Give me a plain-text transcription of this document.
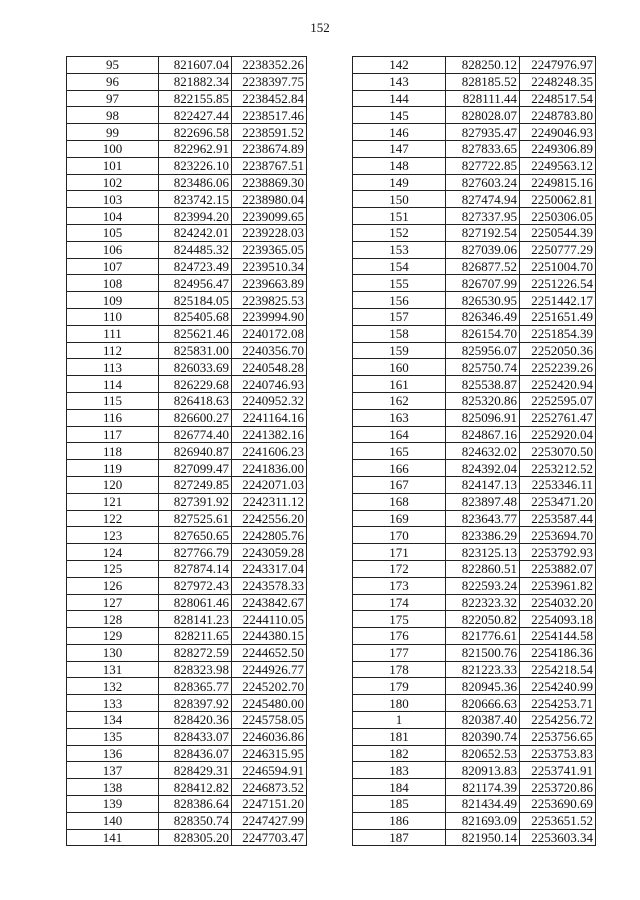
152
95	821607.04	2238352.26
96	821882.34	2238397.75
97	822155.85	2238452.84
98	822427.44	2238517.46
99	822696.58	2238591.52
100	822962.91	2238674.89
101	823226.10	2238767.51
102	823486.06	2238869.30
103	823742.15	2238980.04
104	823994.20	2239099.65
105	824242.01	2239228.03
106	824485.32	2239365.05
107	824723.49	2239510.34
108	824956.47	2239663.89
109	825184.05	2239825.53
110	825405.68	2239994.90
111	825621.46	2240172.08
112	825831.00	2240356.70
113	826033.69	2240548.28
114	826229.68	2240746.93
115	826418.63	2240952.32
116	826600.27	2241164.16
117	826774.40	2241382.16
118	826940.87	2241606.23
119	827099.47	2241836.00
120	827249.85	2242071.03
121	827391.92	2242311.12
122	827525.61	2242556.20
123	827650.65	2242805.76
124	827766.79	2243059.28
125	827874.14	2243317.04
126	827972.43	2243578.33
127	828061.46	2243842.67
128	828141.23	2244110.05
129	828211.65	2244380.15
130	828272.59	2244652.50
131	828323.98	2244926.77
132	828365.77	2245202.70
133	828397.92	2245480.00
134	828420.36	2245758.05
135	828433.07	2246036.86
136	828436.07	2246315.95
137	828429.31	2246594.91
138	828412.82	2246873.52
139	828386.64	2247151.20
140	828350.74	2247427.99
141	828305.20	2247703.47
142	828250.12	2247976.97
143	828185.52	2248248.35
144	828111.44	2248517.54
145	828028.07	2248783.80
146	827935.47	2249046.93
147	827833.65	2249306.89
148	827722.85	2249563.12
149	827603.24	2249815.16
150	827474.94	2250062.81
151	827337.95	2250306.05
152	827192.54	2250544.39
153	827039.06	2250777.29
154	826877.52	2251004.70
155	826707.99	2251226.54
156	826530.95	2251442.17
157	826346.49	2251651.49
158	826154.70	2251854.39
159	825956.07	2252050.36
160	825750.74	2252239.26
161	825538.87	2252420.94
162	825320.86	2252595.07
163	825096.91	2252761.47
164	824867.16	2252920.04
165	824632.02	2253070.50
166	824392.04	2253212.52
167	824147.13	2253346.11
168	823897.48	2253471.20
169	823643.77	2253587.44
170	823386.29	2253694.70
171	823125.13	2253792.93
172	822860.51	2253882.07
173	822593.24	2253961.82
174	822323.32	2254032.20
175	822050.82	2254093.18
176	821776.61	2254144.58
177	821500.76	2254186.36
178	821223.33	2254218.54
179	820945.36	2254240.99
180	820666.63	2254253.71
1	820387.40	2254256.72
181	820390.74	2253756.65
182	820652.53	2253753.83
183	820913.83	2253741.91
184	821174.39	2253720.86
185	821434.49	2253690.69
186	821693.09	2253651.52
187	821950.14	2253603.34
